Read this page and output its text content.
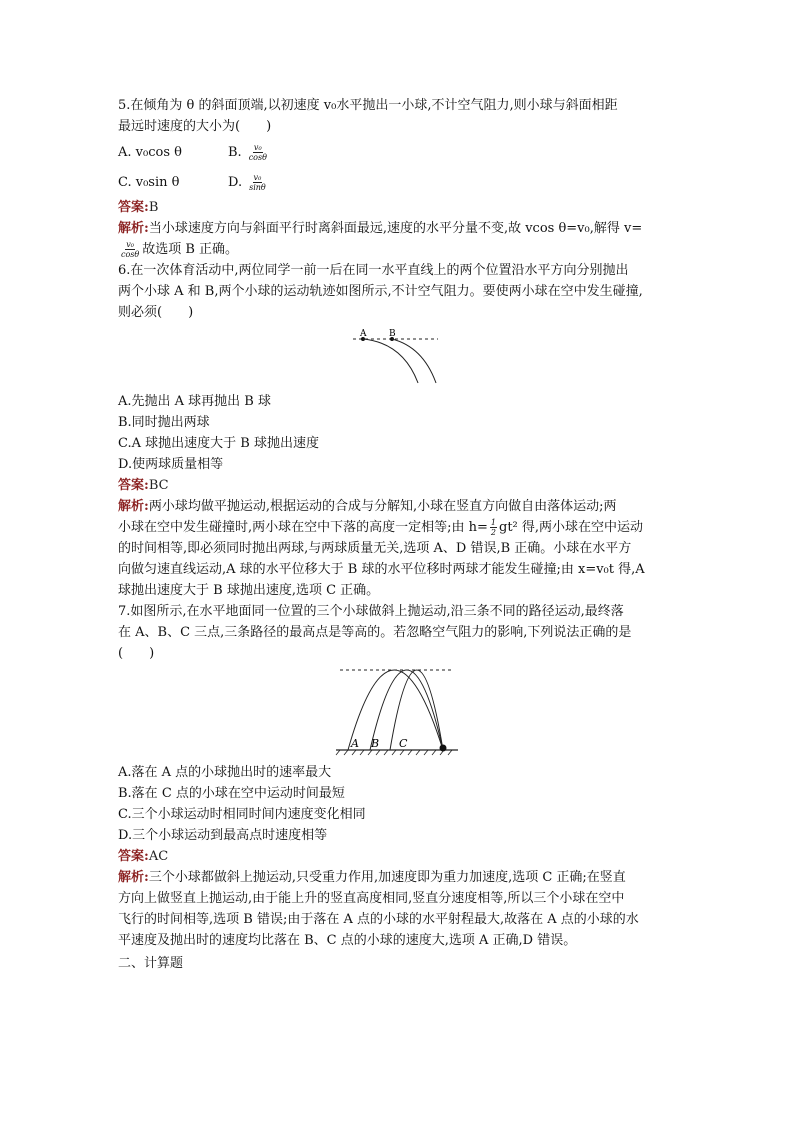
5.在倾角为 θ 的斜面顶端,以初速度 v₀水平抛出一小球,不计空气阻力,则小球与斜面相距
最远时速度的大小为(　　)
A. v₀cos θ	B. $\frac{\text{v₀}}{\cos\theta}$
C. v₀sin θ	D. $\frac{\text{v₀}}{\sin\theta}$
答案:B
解析:当小球速度方向与斜面平行时离斜面最远,速度的水平分量不变,故 vcos θ=v₀,解得 v=
$\frac{\text{v₀}}{\cos\theta}$ 故选项 B 正确。
6.在一次体育活动中,两位同学一前一后在同一水平直线上的两个位置沿水平方向分别抛出
两个小球 A 和 B,两个小球的运动轨迹如图所示,不计空气阻力。要使两小球在空中发生碰撞,
则必须(　　)
A	B
A.先抛出 A 球再抛出 B 球
B.同时抛出两球
C.A 球抛出速度大于 B 球抛出速度
D.使两球质量相等
答案:BC
解析:两小球均做平抛运动,根据运动的合成与分解知,小球在竖直方向做自由落体运动;两
小球在空中发生碰撞时,两小球在空中下落的高度一定相等;由 $h= \frac{1}{2} gt^2$ 得,两小球在空中运动
的时间相等,即必须同时抛出两球,与两球质量无关,选项 A、D 错误,B 正确。小球在水平方
向做匀速直线运动,A 球的水平位移大于 B 球的水平位移时两球才能发生碰撞;由 x=v₀t 得,A
球抛出速度大于 B 球抛出速度,选项 C 正确。
7.如图所示,在水平地面同一位置的三个小球做斜上抛运动,沿三条不同的路径运动,最终落
在 A、B、C 三点,三条路径的最高点是等高的。若忽略空气阻力的影响,下列说法正确的是
(　　)
A B C
A.落在 A 点的小球抛出时的速率最大
B.落在 C 点的小球在空中运动时间最短
C.三个小球运动时相同时间内速度变化相同
D.三个小球运动到最高点时速度相等
答案:AC
解析:三个小球都做斜上抛运动,只受重力作用,加速度即为重力加速度,选项 C 正确;在竖直
方向上做竖直上抛运动,由于能上升的竖直高度相同,竖直分速度相等,所以三个小球在空中
飞行的时间相等,选项 B 错误;由于落在 A 点的小球的水平射程最大,故落在 A 点的小球的水
平速度及抛出时的速度均比落在 B、C 点的小球的速度大,选项 A 正确,D 错误。
二、计算题
